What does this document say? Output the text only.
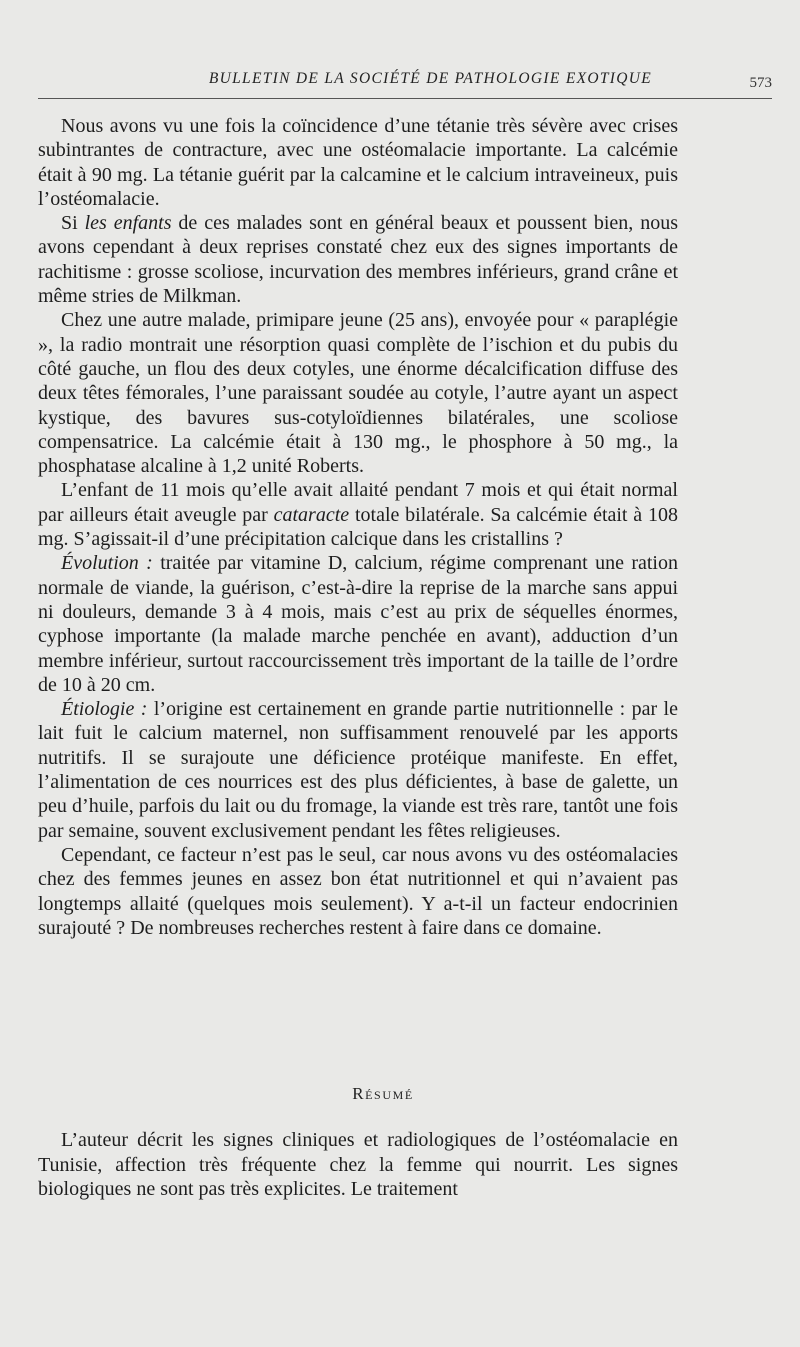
BULLETIN DE LA SOCIÉTÉ DE PATHOLOGIE EXOTIQUE	573

Nous avons vu une fois la coïncidence d’une tétanie très sévère avec crises subintrantes de contracture, avec une ostéomalacie importante. La calcémie était à 90 mg. La tétanie guérit par la calcamine et le calcium intraveineux, puis l’ostéomalacie.

Si les enfants de ces malades sont en général beaux et poussent bien, nous avons cependant à deux reprises constaté chez eux des signes importants de rachitisme : grosse scoliose, incurvation des membres inférieurs, grand crâne et même stries de Milkman.

Chez une autre malade, primipare jeune (25 ans), envoyée pour « paraplégie », la radio montrait une résorption quasi complète de l’ischion et du pubis du côté gauche, un flou des deux cotyles, une énorme décalcification diffuse des deux têtes fémorales, l’une paraissant soudée au cotyle, l’autre ayant un aspect kystique, des bavures sus-cotyloïdiennes bilatérales, une scoliose compensatrice. La calcémie était à 130 mg., le phosphore à 50 mg., la phosphatase alcaline à 1,2 unité Roberts.

L’enfant de 11 mois qu’elle avait allaité pendant 7 mois et qui était normal par ailleurs était aveugle par cataracte totale bilatérale. Sa calcémie était à 108 mg. S’agissait-il d’une précipitation calcique dans les cristallins ?

Évolution : traitée par vitamine D, calcium, régime comprenant une ration normale de viande, la guérison, c’est-à-dire la reprise de la marche sans appui ni douleurs, demande 3 à 4 mois, mais c’est au prix de séquelles énormes, cyphose importante (la malade marche penchée en avant), adduction d’un membre inférieur, surtout raccourcissement très important de la taille de l’ordre de 10 à 20 cm.

Étiologie : l’origine est certainement en grande partie nutritionnelle : par le lait fuit le calcium maternel, non suffisamment renouvelé par les apports nutritifs. Il se surajoute une déficience protéique manifeste. En effet, l’alimentation de ces nourrices est des plus déficientes, à base de galette, un peu d’huile, parfois du lait ou du fromage, la viande est très rare, tantôt une fois par semaine, souvent exclusivement pendant les fêtes religieuses.

Cependant, ce facteur n’est pas le seul, car nous avons vu des ostéomalacies chez des femmes jeunes en assez bon état nutritionnel et qui n’avaient pas longtemps allaité (quelques mois seulement). Y a-t-il un facteur endocrinien surajouté ? De nombreuses recherches restent à faire dans ce domaine.

Résumé

L’auteur décrit les signes cliniques et radiologiques de l’ostéomalacie en Tunisie, affection très fréquente chez la femme qui nourrit. Les signes biologiques ne sont pas très explicites. Le traitement
